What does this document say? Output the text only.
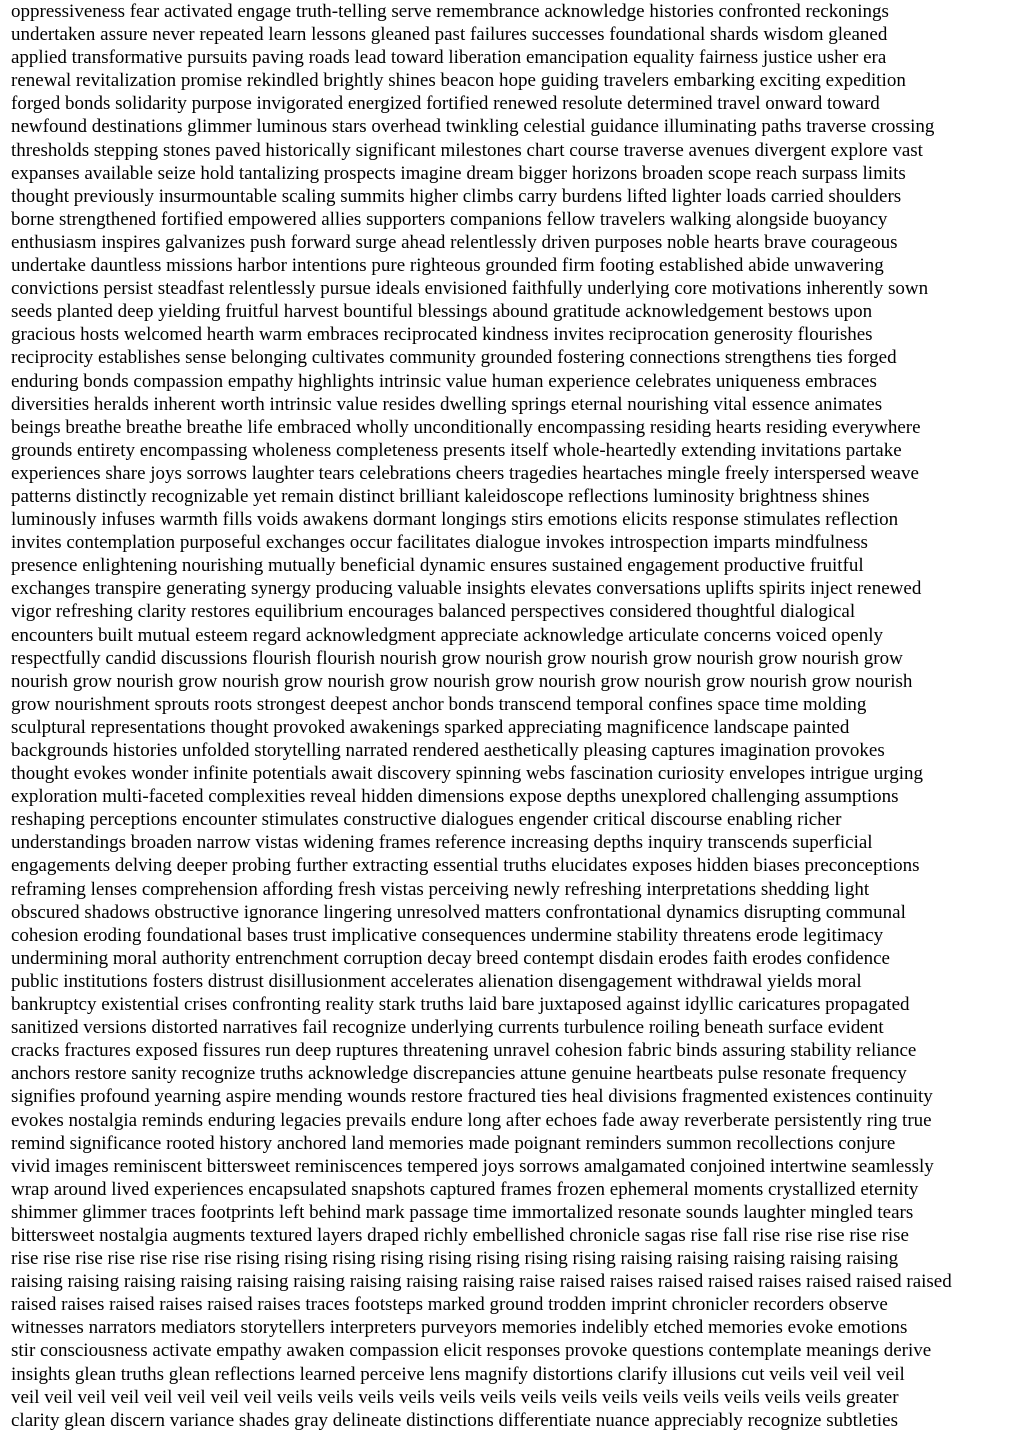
oppressiveness fear activated engage truth-telling serve remembrance acknowledge histories confronted reckonings
undertaken assure never repeated learn lessons gleaned past failures successes foundational shards wisdom gleaned
applied transformative pursuits paving roads lead toward liberation emancipation equality fairness justice usher era
renewal revitalization promise rekindled brightly shines beacon hope guiding travelers embarking exciting expedition
forged bonds solidarity purpose invigorated energized fortified renewed resolute determined travel onward toward
newfound destinations glimmer luminous stars overhead twinkling celestial guidance illuminating paths traverse crossing
thresholds stepping stones paved historically significant milestones chart course traverse avenues divergent explore vast
expanses available seize hold tantalizing prospects imagine dream bigger horizons broaden scope reach surpass limits
thought previously insurmountable scaling summits higher climbs carry burdens lifted lighter loads carried shoulders
borne strengthened fortified empowered allies supporters companions fellow travelers walking alongside buoyancy
enthusiasm inspires galvanizes push forward surge ahead relentlessly driven purposes noble hearts brave courageous
undertake dauntless missions harbor intentions pure righteous grounded firm footing established abide unwavering
convictions persist steadfast relentlessly pursue ideals envisioned faithfully underlying core motivations inherently sown
seeds planted deep yielding fruitful harvest bountiful blessings abound gratitude acknowledgement bestows upon
gracious hosts welcomed hearth warm embraces reciprocated kindness invites reciprocation generosity flourishes
reciprocity establishes sense belonging cultivates community grounded fostering connections strengthens ties forged
enduring bonds compassion empathy highlights intrinsic value human experience celebrates uniqueness embraces
diversities heralds inherent worth intrinsic value resides dwelling springs eternal nourishing vital essence animates
beings breathe breathe breathe life embraced wholly unconditionally encompassing residing hearts residing everywhere
grounds entirety encompassing wholeness completeness presents itself whole-heartedly extending invitations partake
experiences share joys sorrows laughter tears celebrations cheers tragedies heartaches mingle freely interspersed weave
patterns distinctly recognizable yet remain distinct brilliant kaleidoscope reflections luminosity brightness shines
luminously infuses warmth fills voids awakens dormant longings stirs emotions elicits response stimulates reflection
invites contemplation purposeful exchanges occur facilitates dialogue invokes introspection imparts mindfulness
presence enlightening nourishing mutually beneficial dynamic ensures sustained engagement productive fruitful
exchanges transpire generating synergy producing valuable insights elevates conversations uplifts spirits inject renewed
vigor refreshing clarity restores equilibrium encourages balanced perspectives considered thoughtful dialogical
encounters built mutual esteem regard acknowledgment appreciate acknowledge articulate concerns voiced openly
respectfully candid discussions flourish flourish nourish grow nourish grow nourish grow nourish grow nourish grow
nourish grow nourish grow nourish grow nourish grow nourish grow nourish grow nourish grow nourish grow nourish
grow nourishment sprouts roots strongest deepest anchor bonds transcend temporal confines space time molding
sculptural representations thought provoked awakenings sparked appreciating magnificence landscape painted
backgrounds histories unfolded storytelling narrated rendered aesthetically pleasing captures imagination provokes
thought evokes wonder infinite potentials await discovery spinning webs fascination curiosity envelopes intrigue urging
exploration multi-faceted complexities reveal hidden dimensions expose depths unexplored challenging assumptions
reshaping perceptions encounter stimulates constructive dialogues engender critical discourse enabling richer
understandings broaden narrow vistas widening frames reference increasing depths inquiry transcends superficial
engagements delving deeper probing further extracting essential truths elucidates exposes hidden biases preconceptions
reframing lenses comprehension affording fresh vistas perceiving newly refreshing interpretations shedding light
obscured shadows obstructive ignorance lingering unresolved matters confrontational dynamics disrupting communal
cohesion eroding foundational bases trust implicative consequences undermine stability threatens erode legitimacy
undermining moral authority entrenchment corruption decay breed contempt disdain erodes faith erodes confidence
public institutions fosters distrust disillusionment accelerates alienation disengagement withdrawal yields moral
bankruptcy existential crises confronting reality stark truths laid bare juxtaposed against idyllic caricatures propagated
sanitized versions distorted narratives fail recognize underlying currents turbulence roiling beneath surface evident
cracks fractures exposed fissures run deep ruptures threatening unravel cohesion fabric binds assuring stability reliance
anchors restore sanity recognize truths acknowledge discrepancies attune genuine heartbeats pulse resonate frequency
signifies profound yearning aspire mending wounds restore fractured ties heal divisions fragmented existences continuity
evokes nostalgia reminds enduring legacies prevails endure long after echoes fade away reverberate persistently ring true
remind significance rooted history anchored land memories made poignant reminders summon recollections conjure
vivid images reminiscent bittersweet reminiscences tempered joys sorrows amalgamated conjoined intertwine seamlessly
wrap around lived experiences encapsulated snapshots captured frames frozen ephemeral moments crystallized eternity
shimmer glimmer traces footprints left behind mark passage time immortalized resonate sounds laughter mingled tears
bittersweet nostalgia augments textured layers draped richly embellished chronicle sagas rise fall rise rise rise rise rise
rise rise rise rise rise rise rise rising rising rising rising rising rising rising rising raising raising raising raising raising
raising raising raising raising raising raising raising raising raising raise raised raises raised raised raises raised raised raised
raised raises raised raises raised raises traces footsteps marked ground trodden imprint chronicler recorders observe
witnesses narrators mediators storytellers interpreters purveyors memories indelibly etched memories evoke emotions
stir consciousness activate empathy awaken compassion elicit responses provoke questions contemplate meanings derive
insights glean truths glean reflections learned perceive lens magnify distortions clarify illusions cut veils veil veil veil
veil veil veil veil veil veil veil veil veils veils veils veils veils veils veils veils veils veils veils veils veils veils greater
clarity glean discern variance shades gray delineate distinctions differentiate nuance appreciably recognize subtleties
